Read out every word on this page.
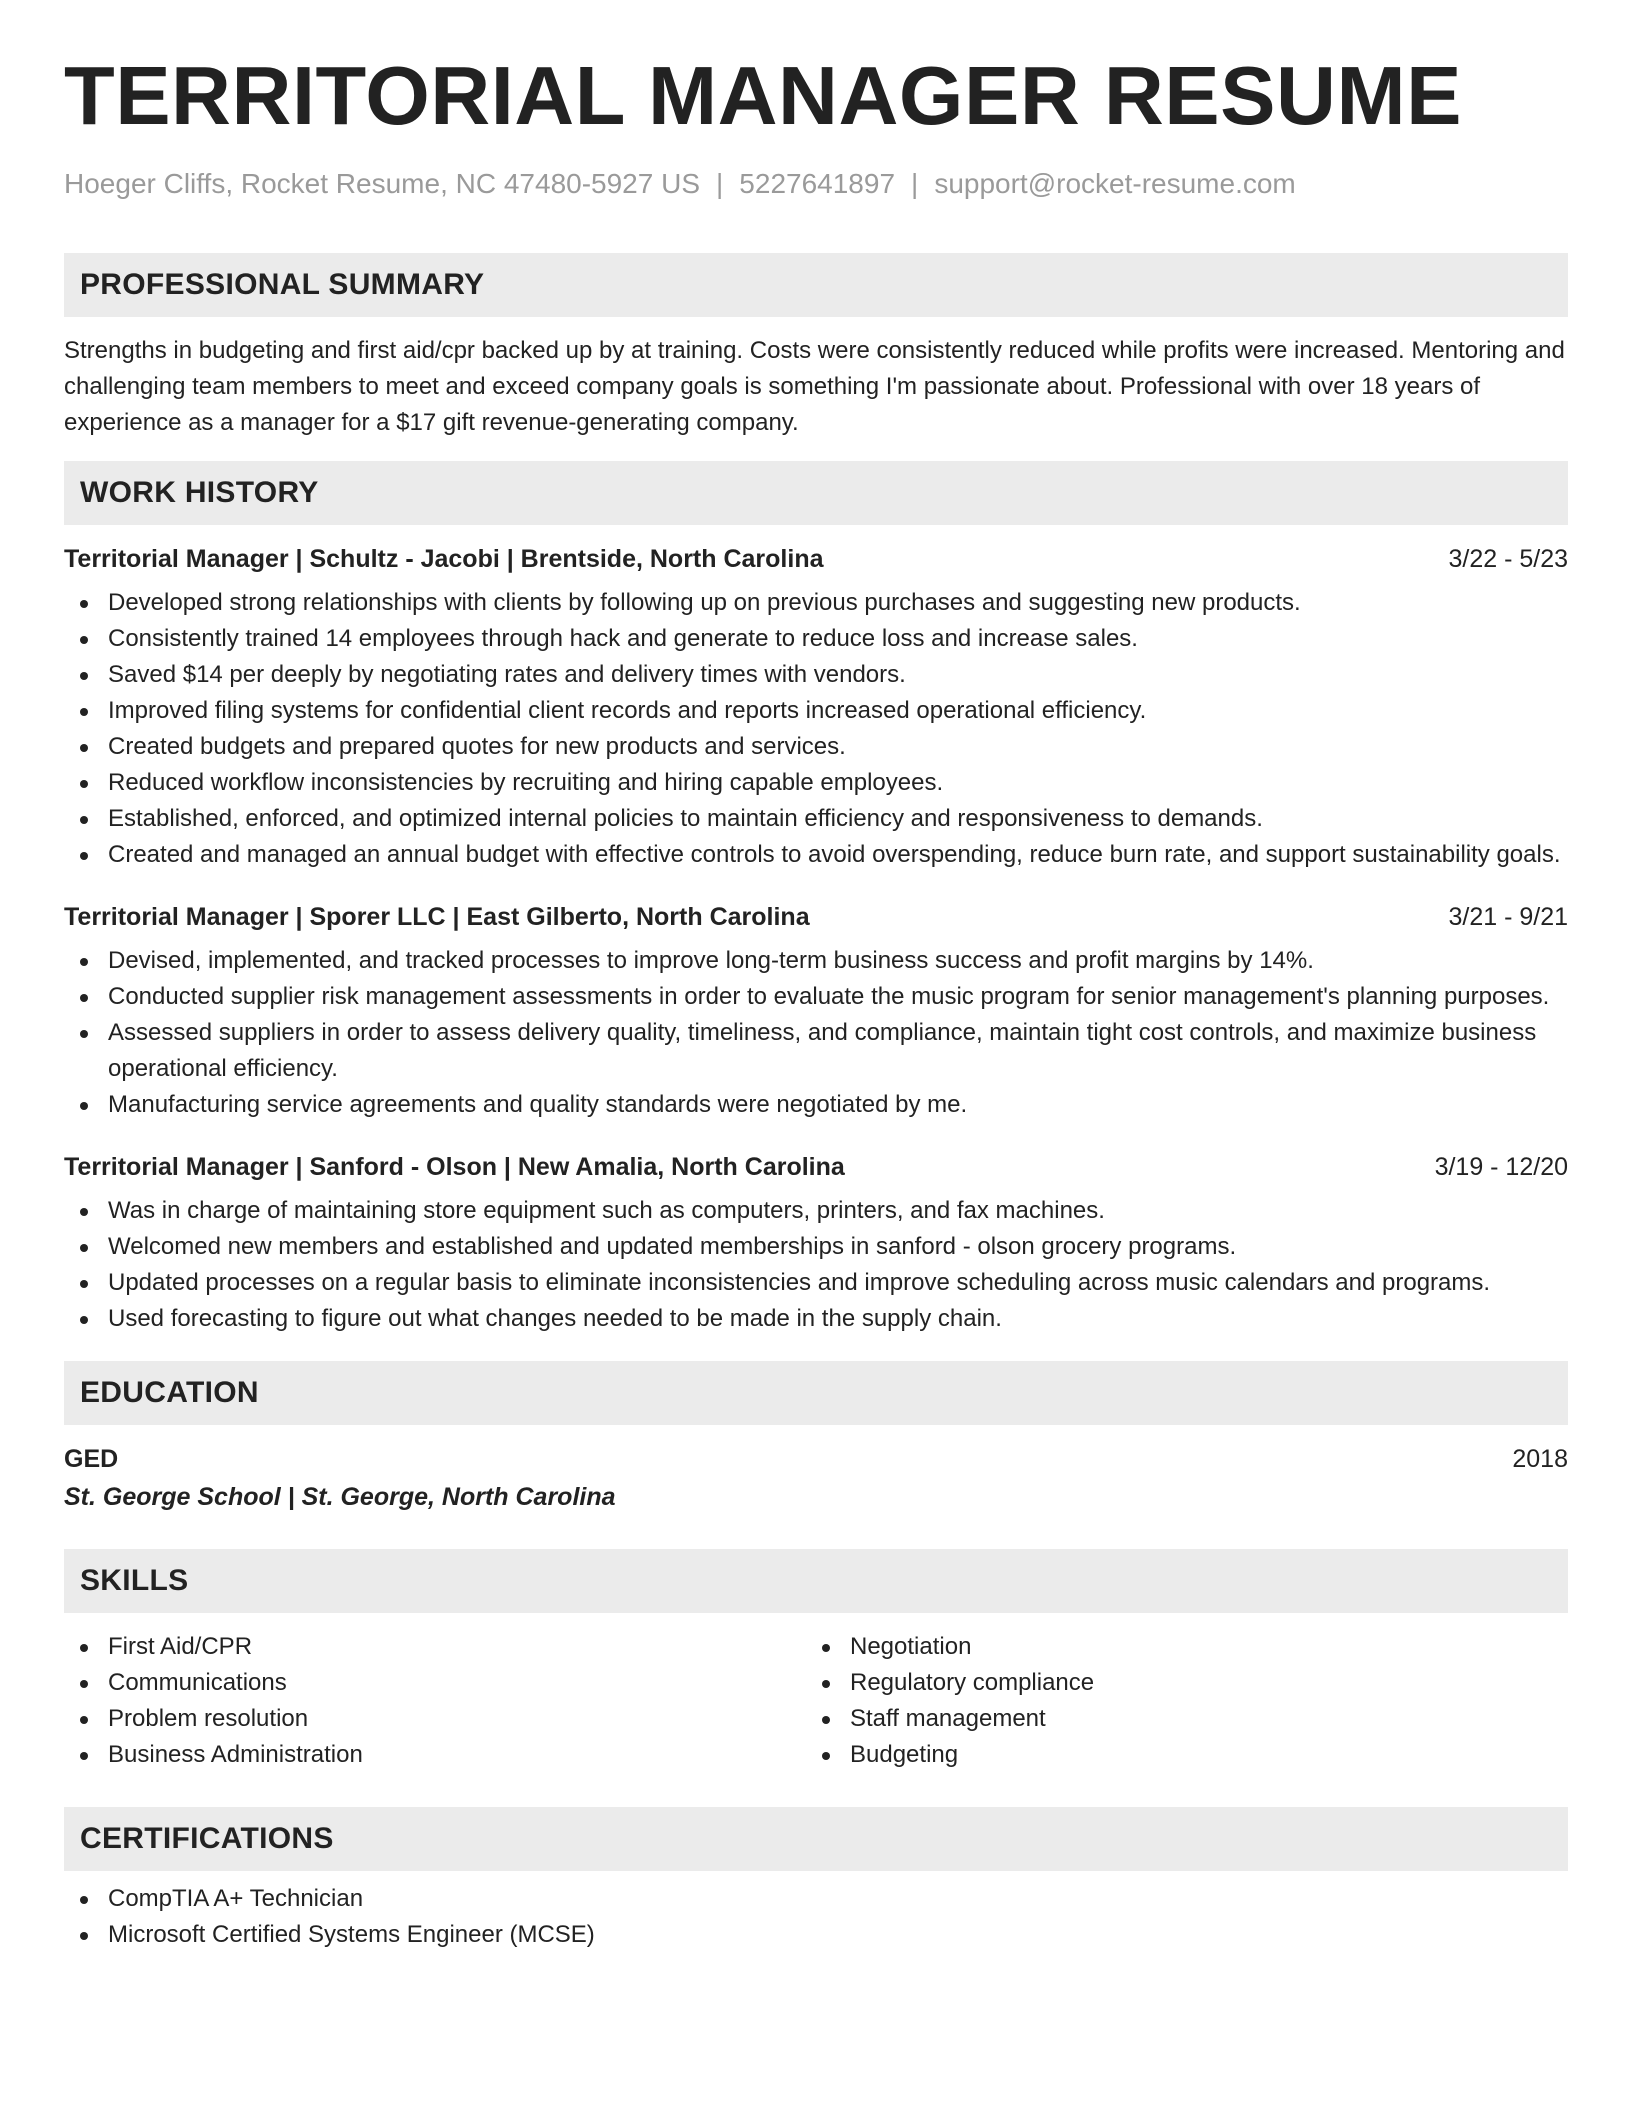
TERRITORIAL MANAGER RESUME
Hoeger Cliffs, Rocket Resume, NC 47480-5927 US | 5227641897 | support@rocket-resume.com
PROFESSIONAL SUMMARY
Strengths in budgeting and first aid/cpr backed up by at training. Costs were consistently reduced while profits were increased. Mentoring and challenging team members to meet and exceed company goals is something I'm passionate about. Professional with over 18 years of experience as a manager for a $17 gift revenue-generating company.
WORK HISTORY
Territorial Manager | Schultz - Jacobi | Brentside, North Carolina	3/22 - 5/23
Developed strong relationships with clients by following up on previous purchases and suggesting new products.
Consistently trained 14 employees through hack and generate to reduce loss and increase sales.
Saved $14 per deeply by negotiating rates and delivery times with vendors.
Improved filing systems for confidential client records and reports increased operational efficiency.
Created budgets and prepared quotes for new products and services.
Reduced workflow inconsistencies by recruiting and hiring capable employees.
Established, enforced, and optimized internal policies to maintain efficiency and responsiveness to demands.
Created and managed an annual budget with effective controls to avoid overspending, reduce burn rate, and support sustainability goals.
Territorial Manager | Sporer LLC | East Gilberto, North Carolina	3/21 - 9/21
Devised, implemented, and tracked processes to improve long-term business success and profit margins by 14%.
Conducted supplier risk management assessments in order to evaluate the music program for senior management's planning purposes.
Assessed suppliers in order to assess delivery quality, timeliness, and compliance, maintain tight cost controls, and maximize business operational efficiency.
Manufacturing service agreements and quality standards were negotiated by me.
Territorial Manager | Sanford - Olson | New Amalia, North Carolina	3/19 - 12/20
Was in charge of maintaining store equipment such as computers, printers, and fax machines.
Welcomed new members and established and updated memberships in sanford - olson grocery programs.
Updated processes on a regular basis to eliminate inconsistencies and improve scheduling across music calendars and programs.
Used forecasting to figure out what changes needed to be made in the supply chain.
EDUCATION
GED	2018
St. George School | St. George, North Carolina
SKILLS
First Aid/CPR
Communications
Problem resolution
Business Administration
Negotiation
Regulatory compliance
Staff management
Budgeting
CERTIFICATIONS
CompTIA A+ Technician
Microsoft Certified Systems Engineer (MCSE)
